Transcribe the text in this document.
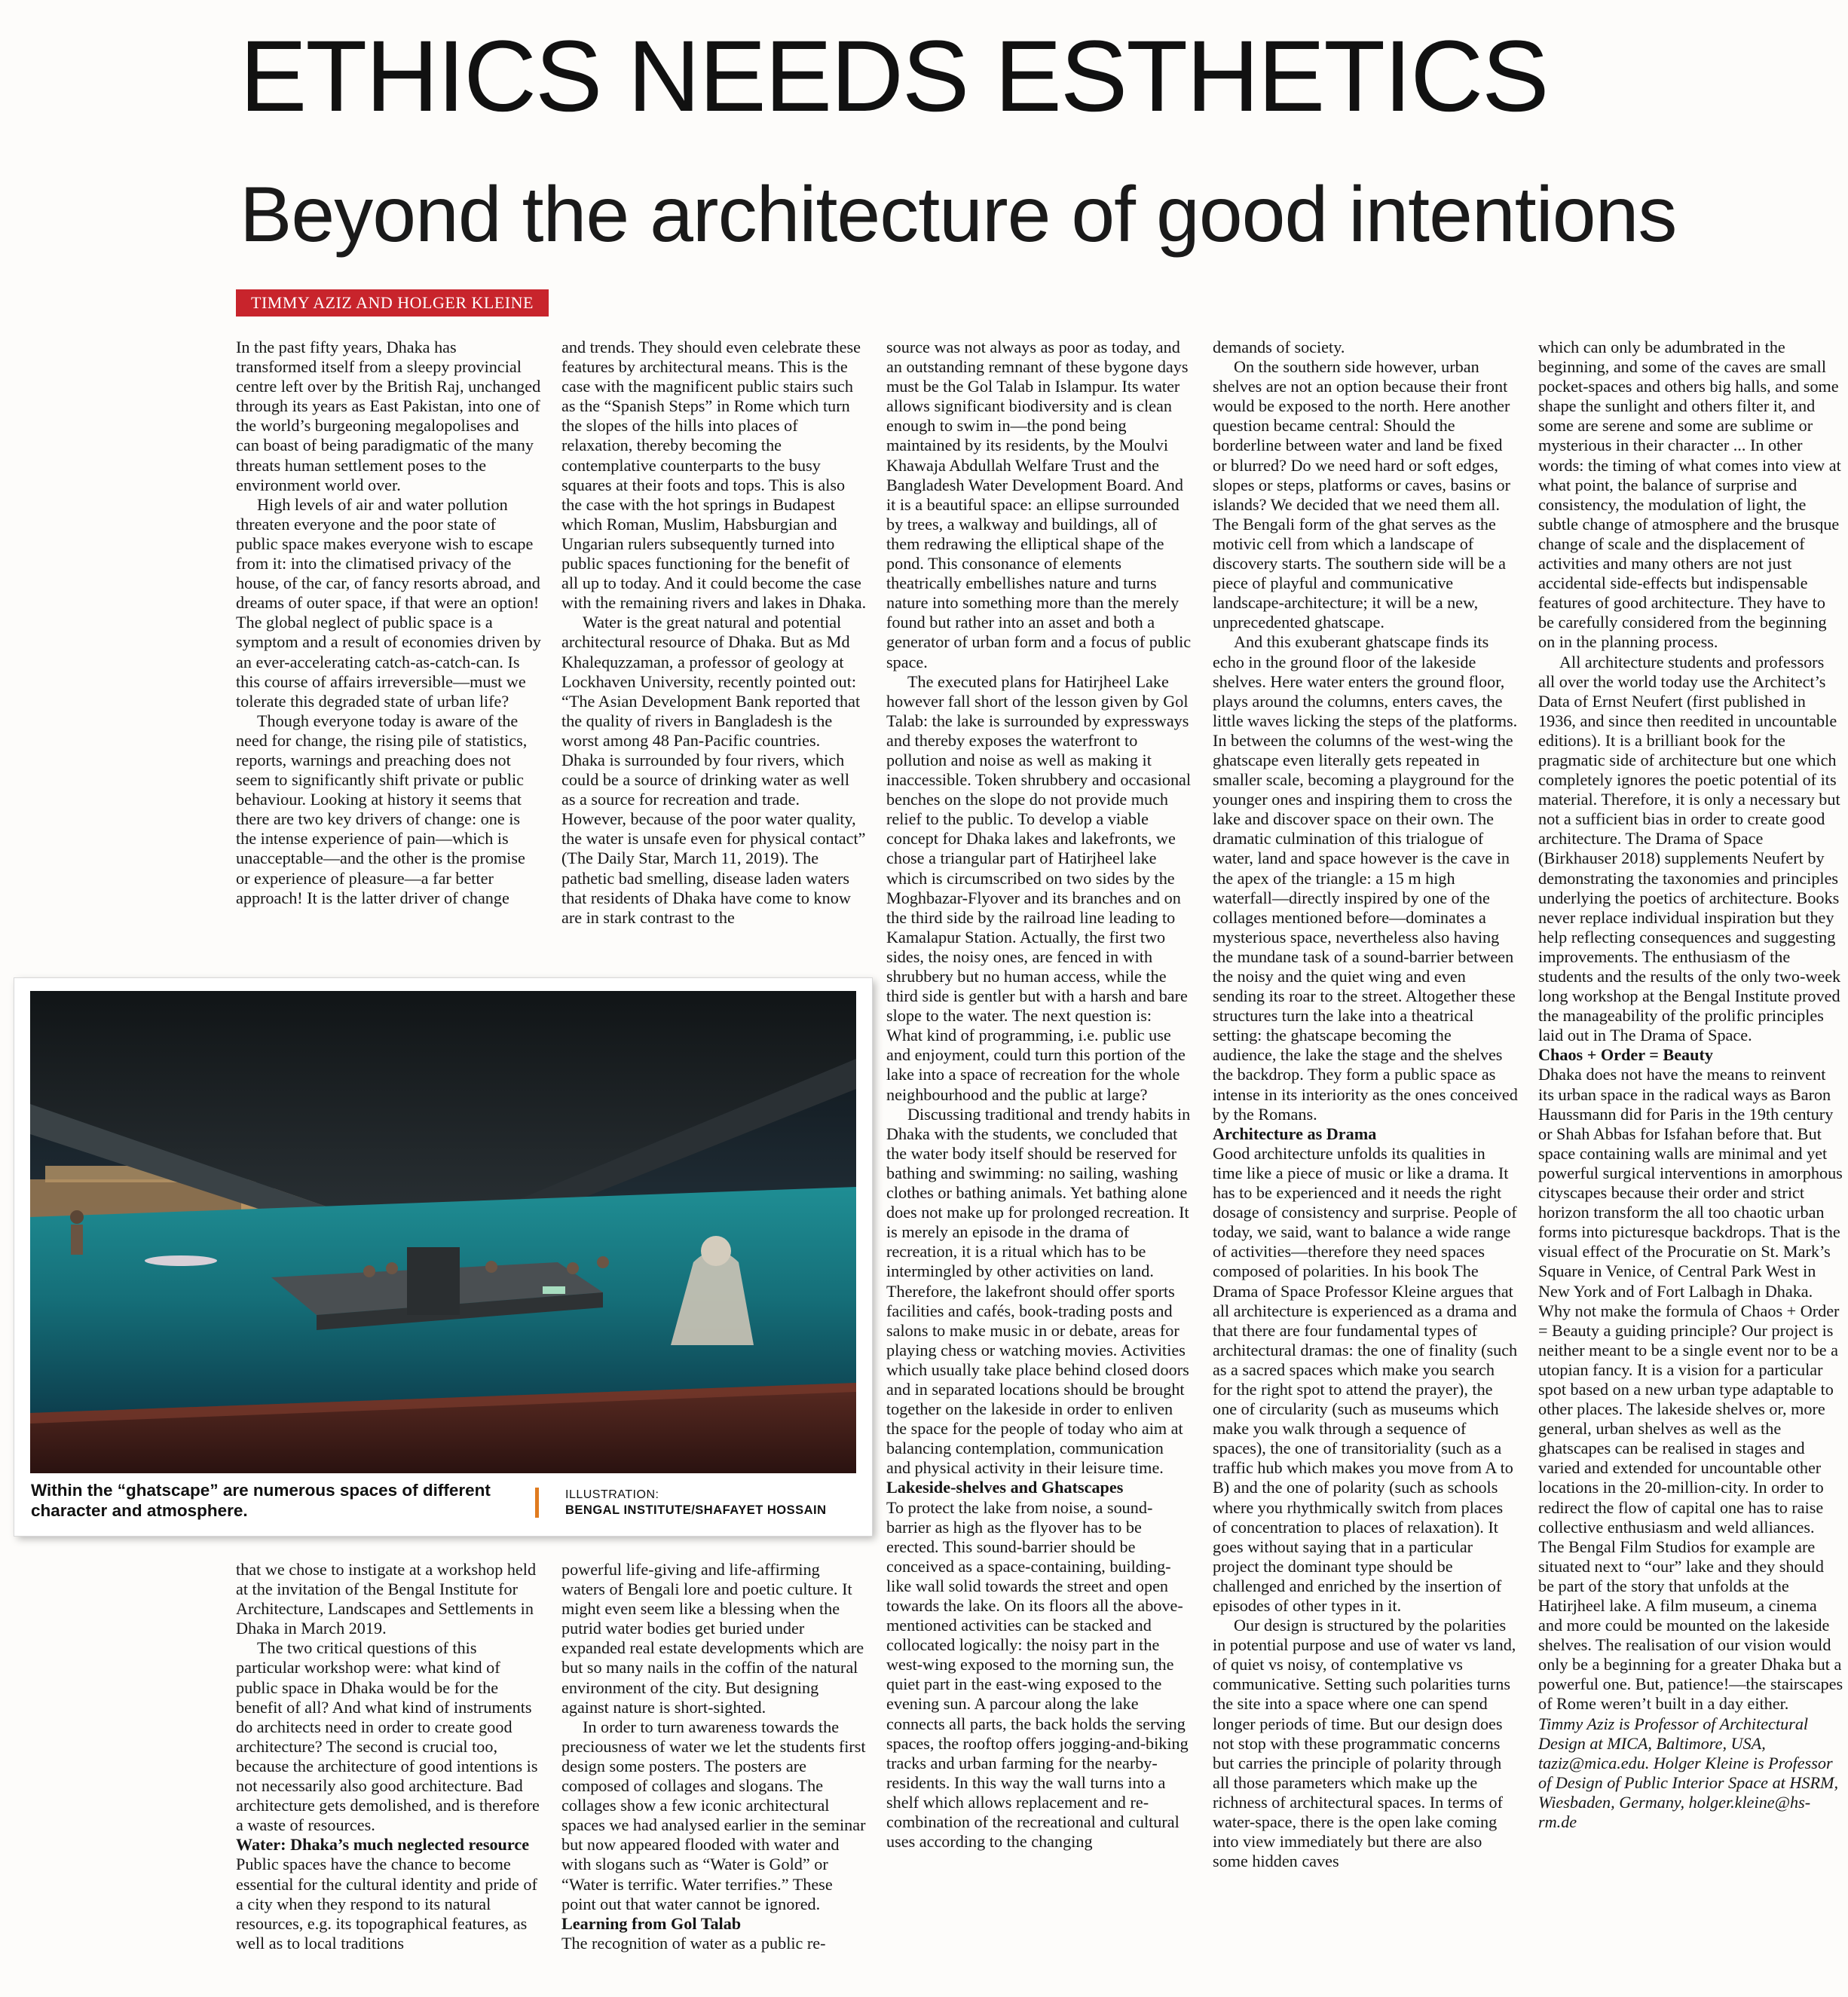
ETHICS NEEDS ESTHETICS
Beyond the architecture of good intentions
TIMMY AZIZ AND HOLGER KLEINE

In the past fifty years, Dhaka has transformed itself from a sleepy provincial centre left over by the British Raj, unchanged through its years as East Pakistan, into one of the world’s burgeoning megalopolises and can boast of being paradigmatic of the many threats human settlement poses to the environment world over.

High levels of air and water pollution threaten everyone and the poor state of public space makes everyone wish to escape from it: into the climatised privacy of the house, of the car, of fancy resorts abroad, and dreams of outer space, if that were an option! The global neglect of public space is a symptom and a result of economies driven by an ever-accelerating catch-as-catch-can. Is this course of affairs irreversible—must we tolerate this degraded state of urban life?

Though everyone today is aware of the need for change, the rising pile of statistics, reports, warnings and preaching does not seem to significantly shift private or public behaviour. Looking at history it seems that there are two key drivers of change: one is the intense experience of pain—which is unacceptable—and the other is the promise or experience of pleasure—a far better approach! It is the latter driver of change

and trends. They should even celebrate these features by architectural means. This is the case with the magnificent public stairs such as the “Spanish Steps” in Rome which turn the slopes of the hills into places of relaxation, thereby becoming the contemplative counterparts to the busy squares at their foots and tops. This is also the case with the hot springs in Budapest which Roman, Muslim, Habsburgian and Ungarian rulers subsequently turned into public spaces functioning for the benefit of all up to today. And it could become the case with the remaining rivers and lakes in Dhaka.

Water is the great natural and potential architectural resource of Dhaka. But as Md Khalequzzaman, a professor of geology at Lockhaven University, recently pointed out: “The Asian Development Bank reported that the quality of rivers in Bangladesh is the worst among 48 Pan-Pacific countries. Dhaka is surrounded by four rivers, which could be a source of drinking water as well as a source for recreation and trade. However, because of the poor water quality, the water is unsafe even for physical contact” (The Daily Star, March 11, 2019). The pathetic bad smelling, disease laden waters that residents of Dhaka have come to know are in stark contrast to the

source was not always as poor as today, and an outstanding remnant of these bygone days must be the Gol Talab in Islampur. Its water allows significant biodiversity and is clean enough to swim in—the pond being maintained by its residents, by the Moulvi Khawaja Abdullah Welfare Trust and the Bangladesh Water Development Board. And it is a beautiful space: an ellipse surrounded by trees, a walkway and buildings, all of them redrawing the elliptical shape of the pond. This consonance of elements theatrically embellishes nature and turns nature into something more than the merely found but rather into an asset and both a generator of urban form and a focus of public space.

The executed plans for Hatirjheel Lake however fall short of the lesson given by Gol Talab: the lake is surrounded by expressways and thereby exposes the waterfront to pollution and noise as well as making it inaccessible. Token shrubbery and occasional benches on the slope do not provide much relief to the public. To develop a viable concept for Dhaka lakes and lakefronts, we chose a triangular part of Hatirjheel lake which is circumscribed on two sides by the Moghbazar-Flyover and its branches and on the third side by the railroad line leading to Kamalapur Station. Actually, the first two sides, the noisy ones, are fenced in with shrubbery but no human access, while the third side is gentler but with a harsh and bare slope to the water. The next question is: What kind of programming, i.e. public use and enjoyment, could turn this portion of the lake into a space of recreation for the whole neighbourhood and the public at large?

Discussing traditional and trendy habits in Dhaka with the students, we concluded that the water body itself should be reserved for bathing and swimming: no sailing, washing clothes or bathing animals. Yet bathing alone does not make up for prolonged recreation. It is merely an episode in the drama of recreation, it is a ritual which has to be intermingled by other activities on land. Therefore, the lakefront should offer sports facilities and cafés, book-trading posts and salons to make music in or debate, areas for playing chess or watching movies. Activities which usually take place behind closed doors and in separated locations should be brought together on the lakeside in order to enliven the space for the people of today who aim at balancing contemplation, communication and physical activity in their leisure time.

Lakeside-shelves and Ghatscapes

To protect the lake from noise, a sound-barrier as high as the flyover has to be erected. This sound-barrier should be conceived as a space-containing, building-like wall solid towards the street and open towards the lake. On its floors all the above-mentioned activities can be stacked and collocated logically: the noisy part in the west-wing exposed to the morning sun, the quiet part in the east-wing exposed to the evening sun. A parcour along the lake connects all parts, the back holds the serving spaces, the rooftop offers jogging-and-biking tracks and urban farming for the nearby-residents. In this way the wall turns into a shelf which allows replacement and re-combination of the recreational and cultural uses according to the changing

demands of society.

On the southern side however, urban shelves are not an option because their front would be exposed to the north. Here another question became central: Should the borderline between water and land be fixed or blurred? Do we need hard or soft edges, slopes or steps, platforms or caves, basins or islands? We decided that we need them all. The Bengali form of the ghat serves as the motivic cell from which a landscape of discovery starts. The southern side will be a piece of playful and communicative landscape-architecture; it will be a new, unprecedented ghatscape.

And this exuberant ghatscape finds its echo in the ground floor of the lakeside shelves. Here water enters the ground floor, plays around the columns, enters caves, the little waves licking the steps of the platforms. In between the columns of the west-wing the ghatscape even literally gets repeated in smaller scale, becoming a playground for the younger ones and inspiring them to cross the lake and discover space on their own. The dramatic culmination of this trialogue of water, land and space however is the cave in the apex of the triangle: a 15 m high waterfall—directly inspired by one of the collages mentioned before—dominates a mysterious space, nevertheless also having the mundane task of a sound-barrier between the noisy and the quiet wing and even sending its roar to the street. Altogether these structures turn the lake into a theatrical setting: the ghatscape becoming the audience, the lake the stage and the shelves the backdrop. They form a public space as intense in its interiority as the ones conceived by the Romans.

Architecture as Drama

Good architecture unfolds its qualities in time like a piece of music or like a drama. It has to be experienced and it needs the right dosage of consistency and surprise. People of today, we said, want to balance a wide range of activities—therefore they need spaces composed of polarities. In his book The Drama of Space Professor Kleine argues that all architecture is experienced as a drama and that there are four fundamental types of architectural dramas: the one of finality (such as a sacred spaces which make you search for the right spot to attend the prayer), the one of circularity (such as museums which make you walk through a sequence of spaces), the one of transitoriality (such as a traffic hub which makes you move from A to B) and the one of polarity (such as schools where you rhythmically switch from places of concentration to places of relaxation). It goes without saying that in a particular project the dominant type should be challenged and enriched by the insertion of episodes of other types in it.

Our design is structured by the polarities in potential purpose and use of water vs land, of quiet vs noisy, of contemplative vs communicative. Setting such polarities turns the site into a space where one can spend longer periods of time. But our design does not stop with these programmatic concerns but carries the principle of polarity through all those parameters which make up the richness of architectural spaces. In terms of water-space, there is the open lake coming into view immediately but there are also some hidden caves

which can only be adumbrated in the beginning, and some of the caves are small pocket-spaces and others big halls, and some shape the sunlight and others filter it, and some are serene and some are sublime or mysterious in their character ... In other words: the timing of what comes into view at what point, the balance of surprise and consistency, the modulation of light, the subtle change of atmosphere and the brusque change of scale and the displacement of activities and many others are not just accidental side-effects but indispensable features of good architecture. They have to be carefully considered from the beginning on in the planning process.

All architecture students and professors all over the world today use the Architect’s Data of Ernst Neufert (first published in 1936, and since then reedited in uncountable editions). It is a brilliant book for the pragmatic side of architecture but one which completely ignores the poetic potential of its material. Therefore, it is only a necessary but not a sufficient bias in order to create good architecture. The Drama of Space (Birkhauser 2018) supplements Neufert by demonstrating the taxonomies and principles underlying the poetics of architecture. Books never replace individual inspiration but they help reflecting consequences and suggesting improvements. The enthusiasm of the students and the results of the only two-week long workshop at the Bengal Institute proved the manageability of the prolific principles laid out in The Drama of Space.

Chaos + Order = Beauty

Dhaka does not have the means to reinvent its urban space in the radical ways as Baron Haussmann did for Paris in the 19th century or Shah Abbas for Isfahan before that. But space containing walls are minimal and yet powerful surgical interventions in amorphous cityscapes because their order and strict horizon transform the all too chaotic urban forms into picturesque backdrops. That is the visual effect of the Procuratie on St. Mark’s Square in Venice, of Central Park West in New York and of Fort Lalbagh in Dhaka. Why not make the formula of Chaos + Order = Beauty a guiding principle? Our project is neither meant to be a single event nor to be a utopian fancy. It is a vision for a particular spot based on a new urban type adaptable to other places. The lakeside shelves or, more general, urban shelves as well as the ghatscapes can be realised in stages and varied and extended for uncountable other locations in the 20-million-city. In order to redirect the flow of capital one has to raise collective enthusiasm and weld alliances. The Bengal Film Studios for example are situated next to “our” lake and they should be part of the story that unfolds at the Hatirjheel lake. A film museum, a cinema and more could be mounted on the lakeside shelves. The realisation of our vision would only be a beginning for a greater Dhaka but a powerful one. But, patience!—the stairscapes of Rome weren’t built in a day either.

Timmy Aziz is Professor of Architectural Design at MICA, Baltimore, USA, taziz@mica.edu. Holger Kleine is Professor of Design of Public Interior Space at HSRM, Wiesbaden, Germany, holger.kleine@hs-rm.de

that we chose to instigate at a workshop held at the invitation of the Bengal Institute for Architecture, Landscapes and Settlements in Dhaka in March 2019.

The two critical questions of this particular workshop were: what kind of public space in Dhaka would be for the benefit of all? And what kind of instruments do architects need in order to create good architecture? The second is crucial too, because the architecture of good intentions is not necessarily also good architecture. Bad architecture gets demolished, and is therefore a waste of resources.

Water: Dhaka’s much neglected resource

Public spaces have the chance to become essential for the cultural identity and pride of a city when they respond to its natural resources, e.g. its topographical features, as well as to local traditions

powerful life-giving and life-affirming waters of Bengali lore and poetic culture. It might even seem like a blessing when the putrid water bodies get buried under expanded real estate developments which are but so many nails in the coffin of the natural environment of the city. But designing against nature is short-sighted.

In order to turn awareness towards the preciousness of water we let the students first design some posters. The posters are composed of collages and slogans. The collages show a few iconic architectural spaces we had analysed earlier in the seminar but now appeared flooded with water and with slogans such as “Water is Gold” or “Water is terrific. Water terrifies.” These point out that water cannot be ignored.

Learning from Gol Talab

The recognition of water as a public re-

Within the “ghatscape” are numerous spaces of different character and atmosphere.
ILLUSTRATION:
BENGAL INSTITUTE/SHAFAYET HOSSAIN
